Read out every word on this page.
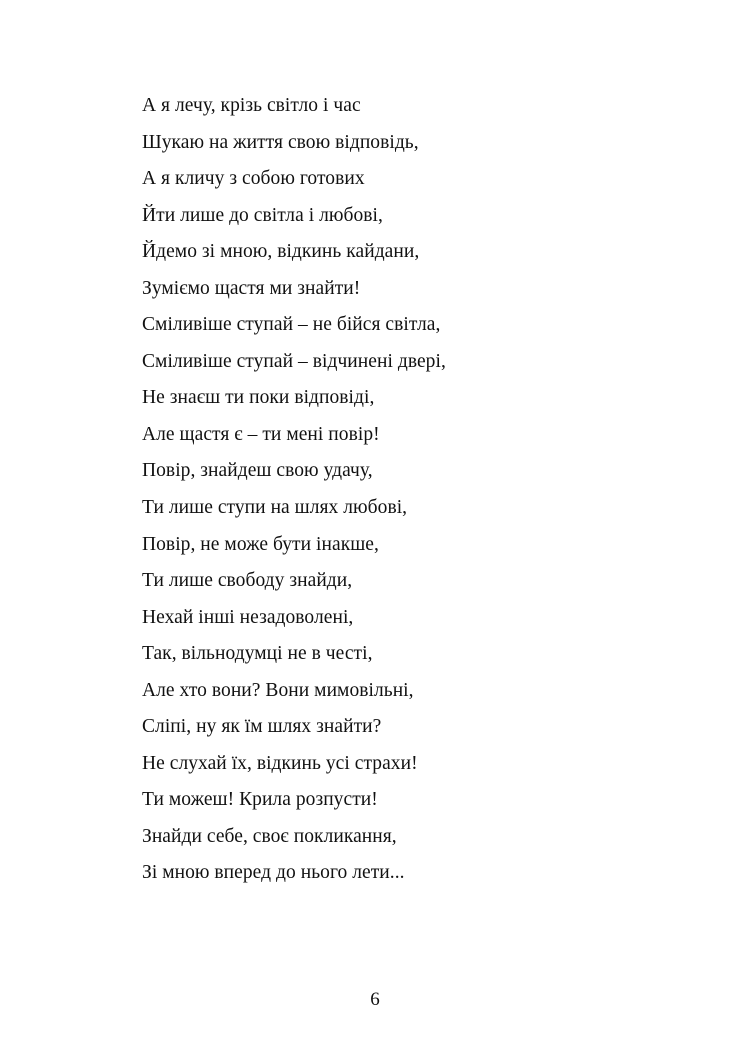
А я лечу, крізь світло і час
Шукаю на життя свою відповідь,
А я кличу з собою готових
Йти лише до світла і любові,
Йдемо зі мною, відкинь кайдани,
Зуміємо щастя ми знайти!
Сміливіше ступай – не бійся світла,
Сміливіше ступай – відчинені двері,
Не знаєш ти поки відповіді,
Але щастя є – ти мені повір!
Повір, знайдеш свою удачу,
Ти лише ступи на шлях любові,
Повір, не може бути інакше,
Ти лише свободу знайди,
Нехай інші незадоволені,
Так, вільнодумці не в честі,
Але хто вони? Вони мимовільні,
Сліпі, ну як їм шлях знайти?
Не слухай їх, відкинь усі страхи!
Ти можеш! Крила розпусти!
Знайди себе, своє покликання,
Зі мною вперед до нього лети...
6
